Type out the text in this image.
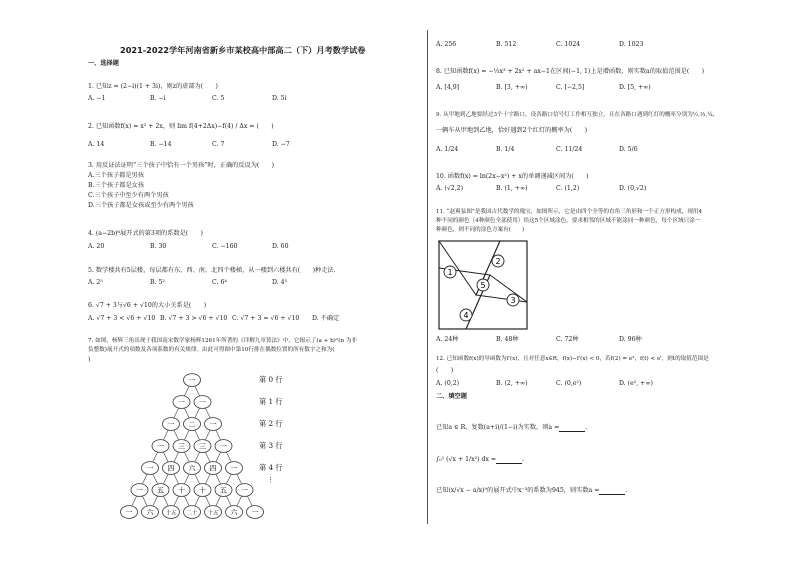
2021-2022学年河南省新乡市某校高中部高二（下）月考数学试卷
一、选择题
1. 已知z = (2−i)(1 + 3i)，则z的虚部为(　　)
A. −1	B. −i	C. 5	D. 5i
2. 已知函数f(x) = x² + 2x，则 lim f(4+2Δx)−f(4) / Δx = (　　)
A. 14	B. −14	C. 7	D. −7
3. 用反证法证明“三个孩子中恰有一个男孩”时，正确的反设为(　　)
A.三个孩子都是男孩
B.三个孩子都是女孩
C.三个孩子中至少有两个男孩
D.三个孩子都是女孩或至少有两个男孩
4. (a−2b)⁶展开式的第3项的系数是(　　)
A. 20	B. 30	C. −160	D. 60
5. 数学楼共有5层楼，每层都有东、西、南、北四个楼梯，从一楼到六楼共有(　　)种走法.
A. 2⁵	B. 5²	C. 6⁴	D. 4⁵
6. √7 + 3与√6 + √10的大小关系是(　　)
A. √7 + 3 < √6 + √10 B. √7 + 3 > √6 + √10 C. √7 + 3 = √6 + √10 D. 不确定
7. 如图，杨辉三角出现于我国南宋数学家杨辉1261年所著的《详解九章算法》中，它揭示了(a + b)ⁿ(n 为非
负整数)展开式的项数及各项系数的有关规律。由此可得图中第10行排在偶数位置的所有数字之和为(
)
一
一 一
一 二 一
一 三 三 一
一 四 六 四 一
一 五 十 十 五 一
一 六 十五 二十 十五 六 一
第 0 行
第 1 行
第 2 行
第 3 行
第 4 行
⋮
A. 256	B. 512	C. 1024	D. 1023
8. 已知函数f(x) = −⅓x³ + 2x² + ax−1在区间(−1, 1)上是增函数，则实数a的取值范围是(　　)
A. [4,9]	B. [3, +∞)	C. [−2,5]	D. [5, +∞)
9. 从甲地到乙地要经过3个十字路口，设各路口信号灯工作相互独立，且在各路口遇到红灯的概率分别为½,⅓,¼，
一辆车从甲地到乙地，恰好遇到2个红灯的概率为(　　)
A. 1/24	B. 1/4	C. 11/24	D. 5/6
10. 函数f(x) = ln(2x−x²) + x的单调递减区间为(　　)
A. (√2,2)	B. (1, +∞)	C. (1,2)	D. (0,√2)
11. “赵爽弦图”是我国古代数学的瑰宝，如图所示，它是由四个全等的直角三角形和一个正方形构成，现用4
种不同的颜色（4种颜色全部使用）给这5个区域涂色，要求相邻的区域不能涂同一种颜色，每个区域只涂一
种颜色，则不同的涂色方案有(　　)
A. 24种	B. 48种	C. 72种	D. 96种
12. 已知函数f(x)的导函数为f′(x)，且对任意x∈R，f(x)−f′(x) < 0，若f(2) = e²，f(t) < eᵗ，则t的取值范围是
(　　)
A. (0,2)	B. (2, +∞)	C. (0,e²)	D. (e², +∞)
二、填空题
已知a ∈ R，复数(a+i)/(1−i)为实数，则a =	.
∫₀¹ (√x + 1/x²) dx =	.
已知(x/√x − a/x)⁹的展开式中x⁻³的系数为945，则实数a =	.
1
2
3
4
5
